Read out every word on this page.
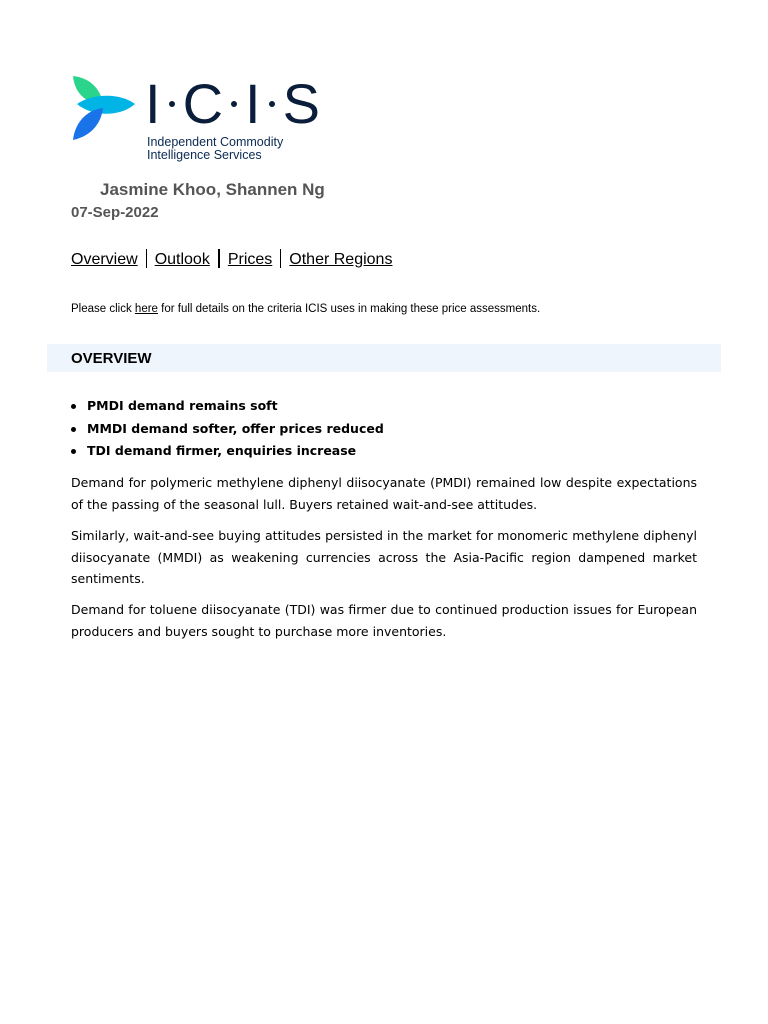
I C I S
Independent Commodity
Intelligence Services
Jasmine Khoo, Shannen Ng
07-Sep-2022
Overview Outlook Prices Other Regions
Please click here for full details on the criteria ICIS uses in making these price assessments.
OVERVIEW
PMDI demand remains soft
MMDI demand softer, offer prices reduced
TDI demand firmer, enquiries increase

Demand for polymeric methylene diphenyl diisocyanate (PMDI) remained low despite expectations of the passing of the seasonal lull. Buyers retained wait-and-see attitudes.

Similarly, wait-and-see buying attitudes persisted in the market for monomeric methylene diphenyl diisocyanate (MMDI) as weakening currencies across the Asia-Pacific region dampened market sentiments.

Demand for toluene diisocyanate (TDI) was firmer due to continued production issues for European producers and buyers sought to purchase more inventories.
